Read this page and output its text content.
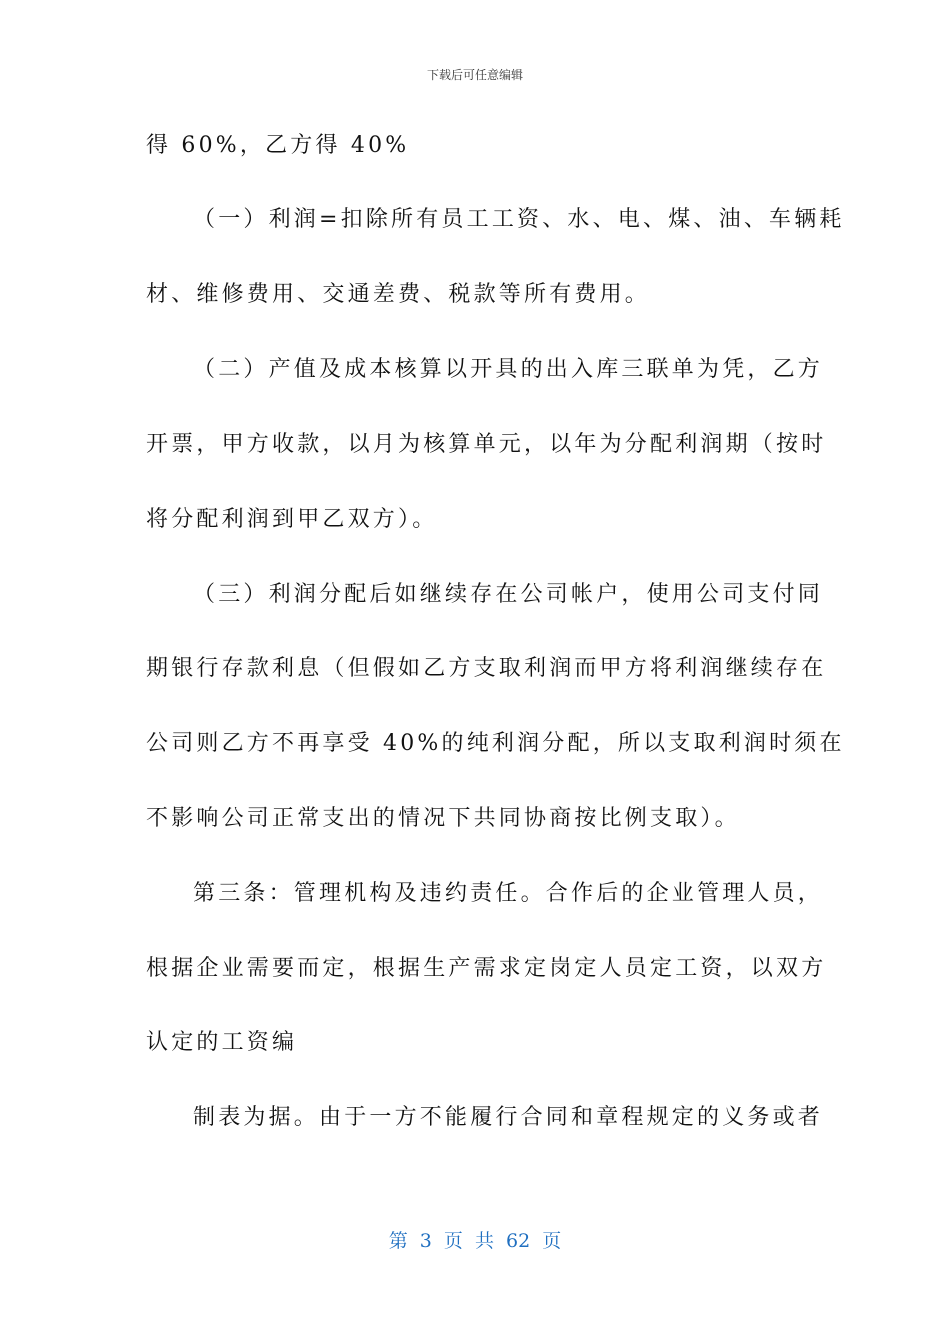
下载后可任意编辑
得 60%，乙方得 40%
（一）利润=扣除所有员工工资、水、电、煤、油、车辆耗
材、维修费用、交通差费、税款等所有费用。
（二）产值及成本核算以开具的出入库三联单为凭，乙方
开票，甲方收款，以月为核算单元，以年为分配利润期（按时
将分配利润到甲乙双方）。
（三）利润分配后如继续存在公司帐户，使用公司支付同
期银行存款利息（但假如乙方支取利润而甲方将利润继续存在
公司则乙方不再享受 40%的纯利润分配，所以支取利润时须在
不影响公司正常支出的情况下共同协商按比例支取）。
第三条：管理机构及违约责任。合作后的企业管理人员，
根据企业需要而定，根据生产需求定岗定人员定工资，以双方
认定的工资编
制表为据。由于一方不能履行合同和章程规定的义务或者
第 3 页 共 62 页
